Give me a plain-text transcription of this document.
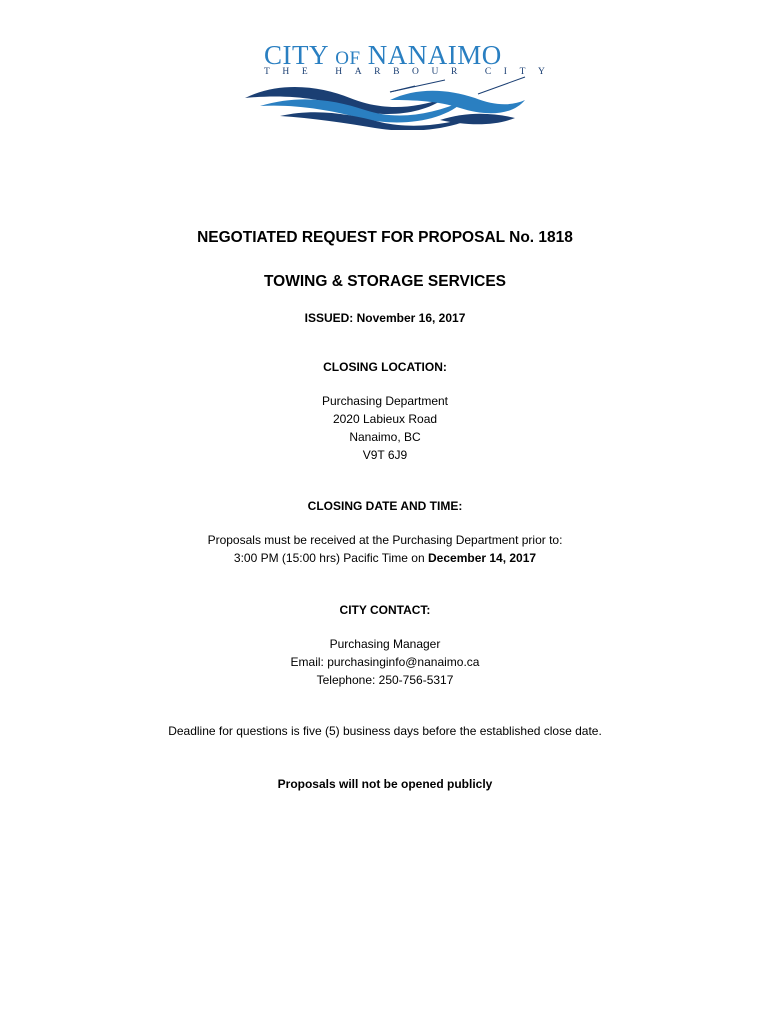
CITY OF NANAIMO
THE HARBOUR CITY
NEGOTIATED REQUEST FOR PROPOSAL No. 1818
TOWING & STORAGE SERVICES
ISSUED: November 16, 2017
CLOSING LOCATION:
Purchasing Department
2020 Labieux Road
Nanaimo, BC
V9T 6J9
CLOSING DATE AND TIME:
Proposals must be received at the Purchasing Department prior to:
3:00 PM (15:00 hrs) Pacific Time on December 14, 2017
CITY CONTACT:
Purchasing Manager
Email: purchasinginfo@nanaimo.ca
Telephone: 250-756-5317
Deadline for questions is five (5) business days before the established close date.
Proposals will not be opened publicly
